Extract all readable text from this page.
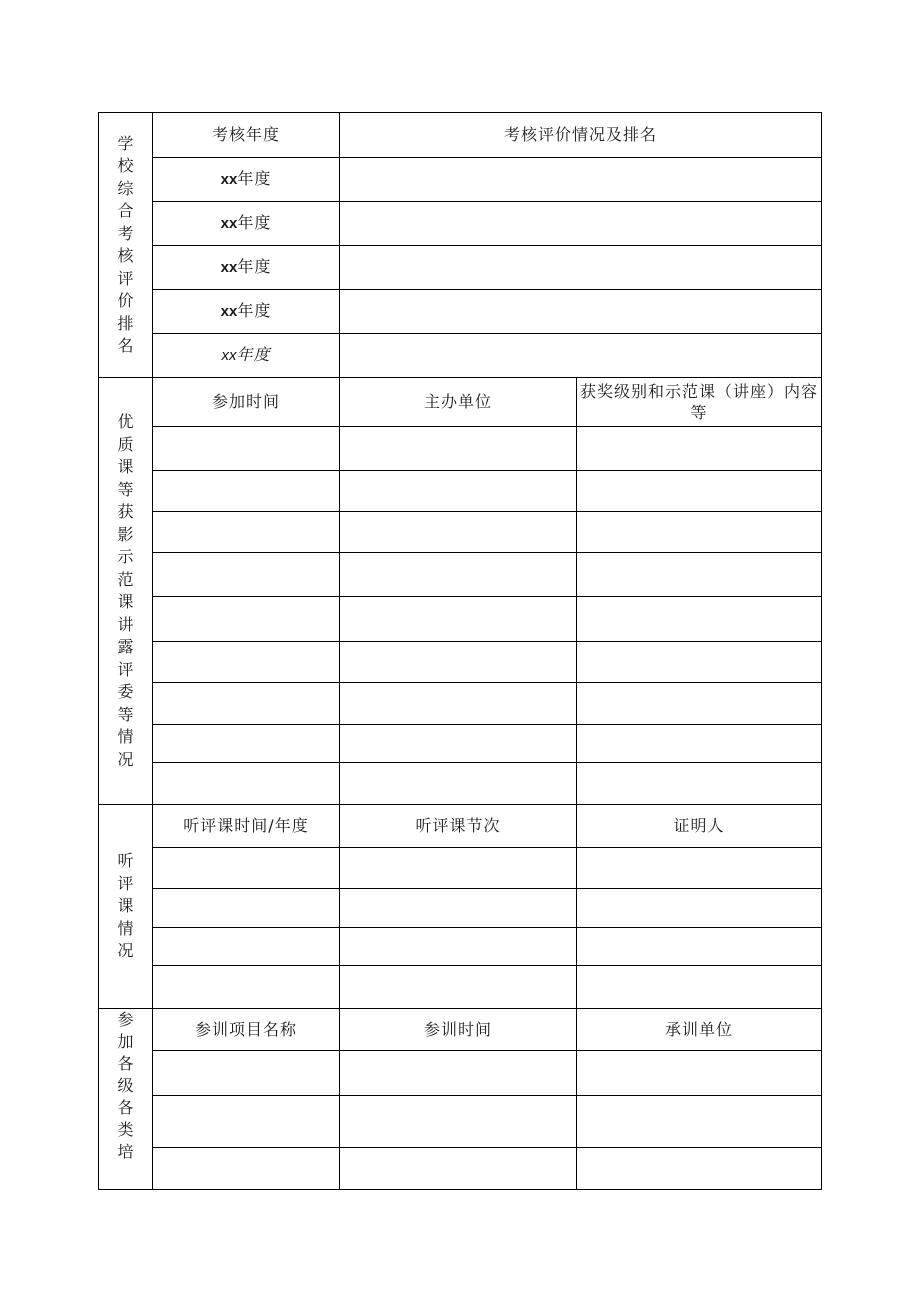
学校综合考核评价排名	考核年度	考核评价情况及排名	
	xx年度		
	xx年度		
	xx年度		
	xx年度		
	xx年度		
优质课等获影示范课讲露评委等情况	参加时间	主办单位	获奖级别和示范课（讲座）内容等

听评课情况	听评课时间/年度	听评课节次	证明人

参加各级各类培	参训项目名称	参训时间	承训单位
